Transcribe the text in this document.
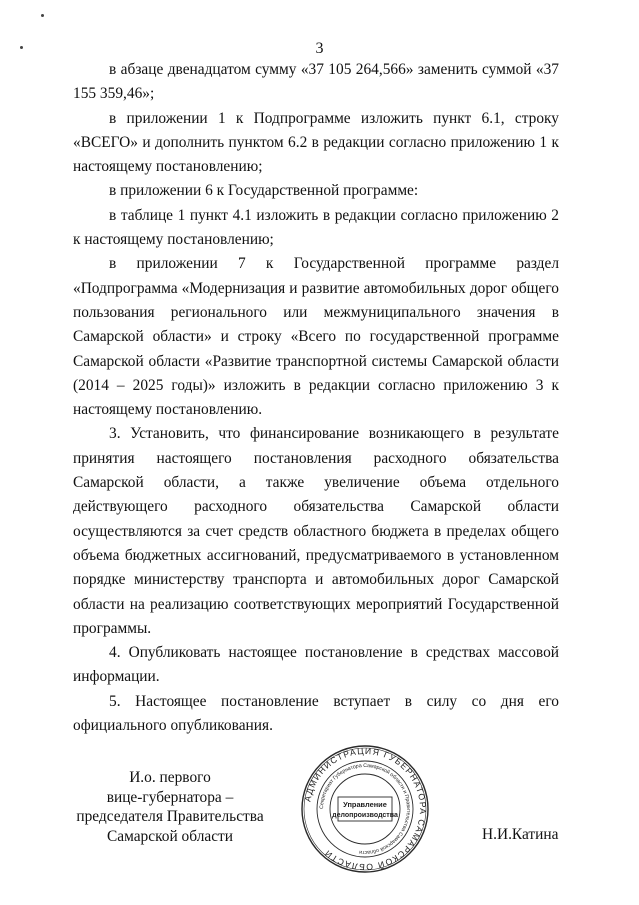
3

в абзаце двенадцатом сумму «37 105 264,566» заменить суммой «37 155 359,46»;

в приложении 1 к Подпрограмме изложить пункт 6.1, строку «ВСЕГО» и дополнить пунктом 6.2 в редакции согласно приложению 1 к настоящему постановлению;

в приложении 6 к Государственной программе:

в таблице 1 пункт 4.1 изложить в редакции согласно приложению 2 к настоящему постановлению;

в приложении 7 к Государственной программе раздел «Подпрограмма «Модернизация и развитие автомобильных дорог общего пользования регионального или межмуниципального значения в Самарской области» и строку «Всего по государственной программе Самарской области «Развитие транспортной системы Самарской области (2014 – 2025 годы)» изложить в редакции согласно приложению 3 к настоящему постановлению.

3. Установить, что финансирование возникающего в результате принятия настоящего постановления расходного обязательства Самарской области, а также увеличение объема отдельного действующего расходного обязательства Самарской области осуществляются за счет средств областного бюджета в пределах общего объема бюджетных ассигнований, предусматриваемого в установленном порядке министерству транспорта и автомобильных дорог Самарской области на реализацию соответствующих мероприятий Государственной программы.

4. Опубликовать настоящее постановление в средствах массовой информации.

5. Настоящее постановление вступает в силу со дня его официального опубликования.

И.о. первого
вице-губернатора –
председателя Правительства
Самарской области
АДМИНИСТРАЦИЯ ГУБЕРНАТОРА САМАРСКОЙ ОБЛАСТИ
Секретариат Губернатора Самарской области и Правительства Самарской области
Управление
делопроизводства
Н.И.Катина
